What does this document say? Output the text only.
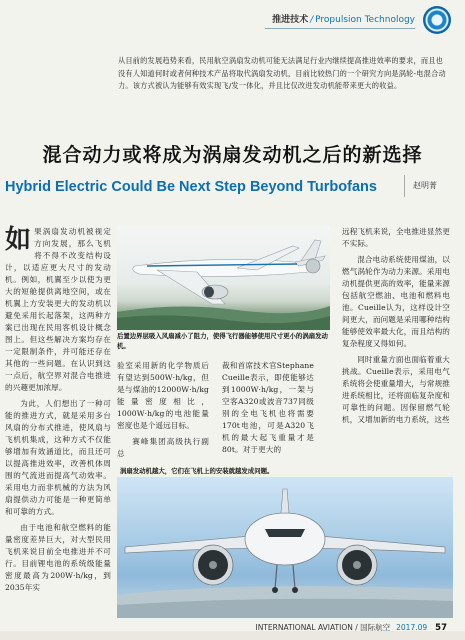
推进技术 / Propulsion Technology

从目前的发展趋势来看，民用航空涡扇发动机可能无法满足行业内继续提高推进效率的要求，而且也没有人知道何时或者何种技术产品将取代涡扇发动机，目前比较热门的一个研究方向是涡轮-电混合动力。该方式被认为能够有效实现飞/发一体化，并且比仅改进发动机能带来更大的收益。

混合动力或将成为涡扇发动机之后的新选择
Hybrid Electric Could Be Next Step Beyond Turbofans	赵明菁
如果涡扇发动机被视定方向发展，那么飞机将不得不改变结构设计，以适应更大尺寸的发动机。例如，机翼至少以使为更大的短舱提供离地空间，或在机翼上方安装更大的发动机以避免采用长起落架，这两种方案已出现在民用客机设计概念图上。但这些解决方案均存在一定限制条件，并可能还存在其他的一些问题。在认识到这一点后，航空界对混合电推进的兴趣更加浓厚。

为此，人们想出了一种可能的推进方式，就是采用多台风扇的分布式推进，使风扇与飞机机集成，这种方式不仅能够增加有效涵道比，而且还可以提高推进效率，改善机体周围的气流进而提高气动效率。采用电力而非机械的方法为风扇提供动力可能是一种更简单和可靠的方式。

由于电池和航空燃料的能量密度差异巨大，对大型民用飞机来说目前全电推进并不可行。目前锂电池的系统级能量密度最高为200W·h/kg，到2035年实

后置边界层吸入风扇减小了阻力，使得飞行器能够使用尺寸更小的涡扇发动机。

验室采用新的化学物质后有望达到500W·h/kg，但是与煤油的12000W·h/kg能量密度相比，1000W·h/kg的电池能量密度也是个遥远目标。

赛峰集团高级执行副总

裁和首席技术官Stephane Cueille表示，即使能够达到1000W·h/kg，一架与空客A320或波音737同级别的全电飞机也将需要170t电池，可是A320飞机的最大起飞重量才是80t。对于更大的

远程飞机来说，全电推进显然更不实际。

混合电动系统使用煤油，以燃气涡轮作为动力来源。采用电动机提供更高的效率，能量来源包括航空燃油、电池和燃料电池。Cueille认为，这样设计空间更大，而问题是采用哪种结构能够使效率最大化，而且结构的复杂程度又得如何。

同时重量方面也面临着重大挑战。Cueille表示，采用电气系统将会使重量增大，与常规推进系统相比，还将面临复杂度和可靠性的问题。因保留燃气轮机，又增加新的电力系统，这些

涡扇发动机越大，它们在飞机上的安装就越发成问题。

INTERNATIONAL AVIATION / 国际航空 2017.09 57
